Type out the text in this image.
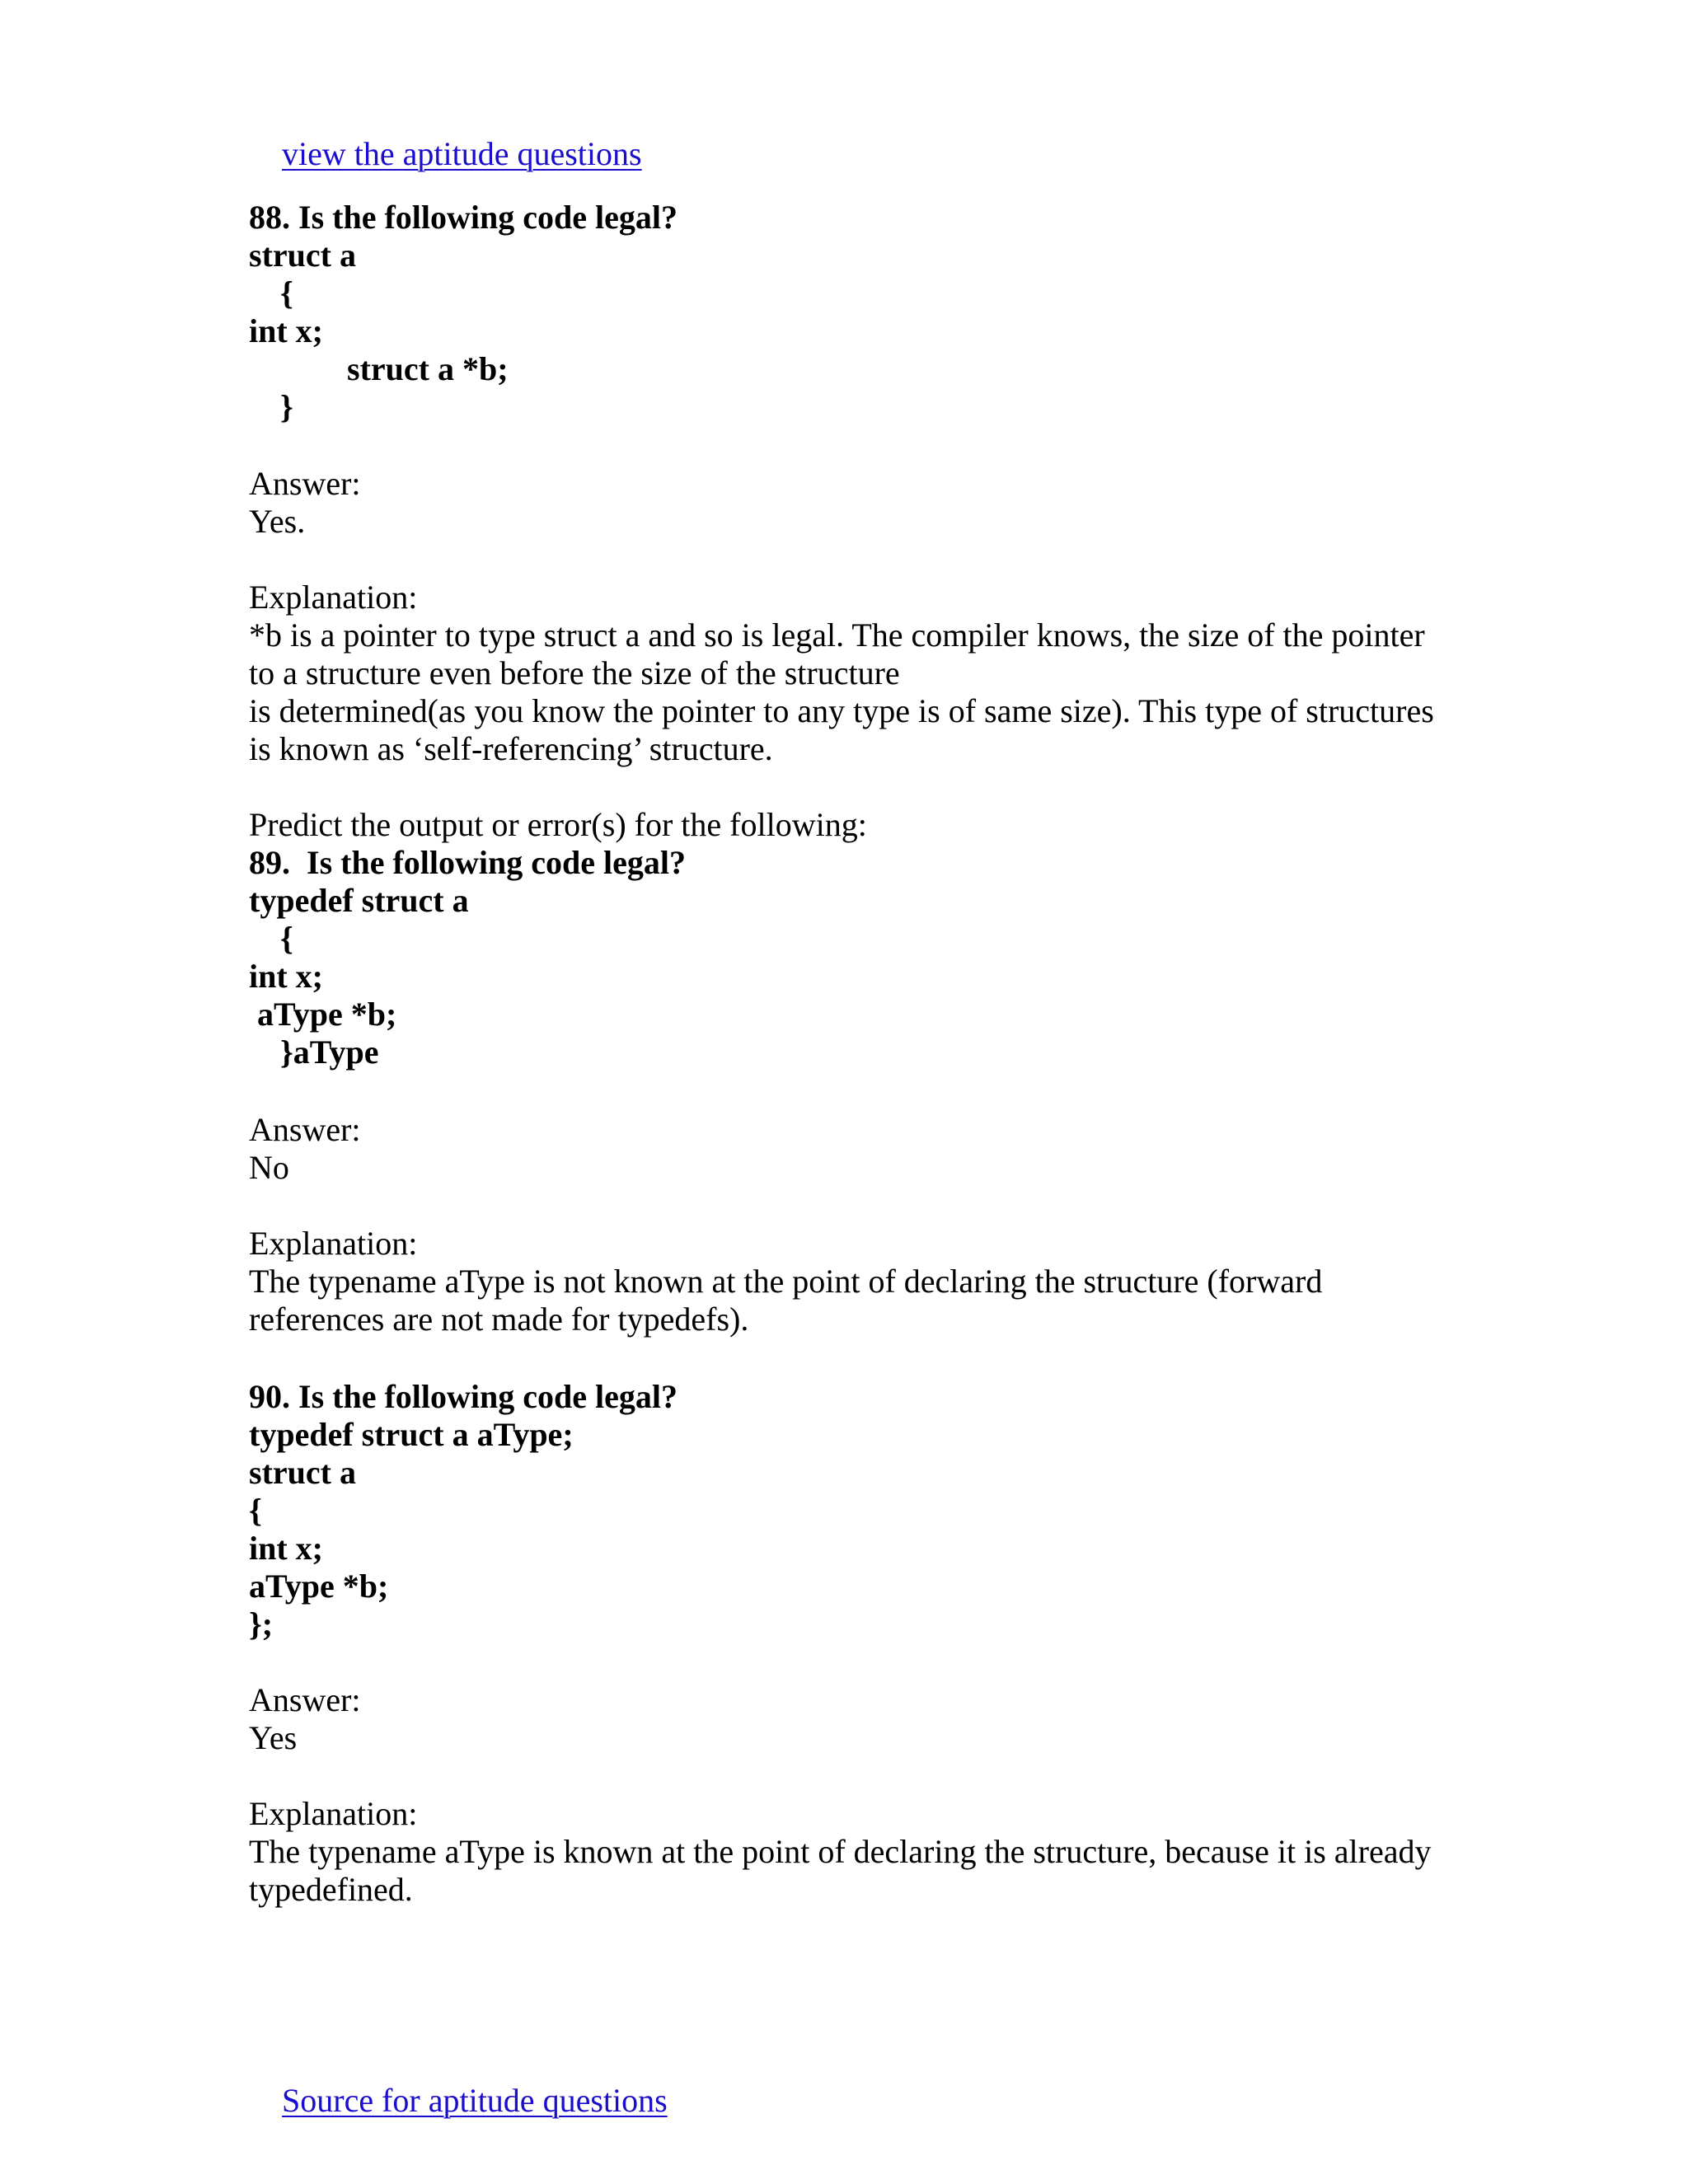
view the aptitude questions

88. Is the following code legal?
struct a
{
int x;
struct a *b;
}
Answer:
Yes.
Explanation:
*b is a pointer to type struct a and so is legal. The compiler knows, the size of the pointer
to a structure even before the size of the structure
is determined(as you know the pointer to any type is of same size). This type of structures
is known as ‘self-referencing’ structure.
Predict the output or error(s) for the following:
89.  Is the following code legal?
typedef struct a
{
int x;
aType *b;
}aType
Answer:
No
Explanation:
The typename aType is not known at the point of declaring the structure (forward
references are not made for typedefs).
90. Is the following code legal?
typedef struct a aType;
struct a
{
int x;
aType *b;
};
Answer:
Yes
Explanation:
The typename aType is known at the point of declaring the structure, because it is already
typedefined.

Source for aptitude questions
